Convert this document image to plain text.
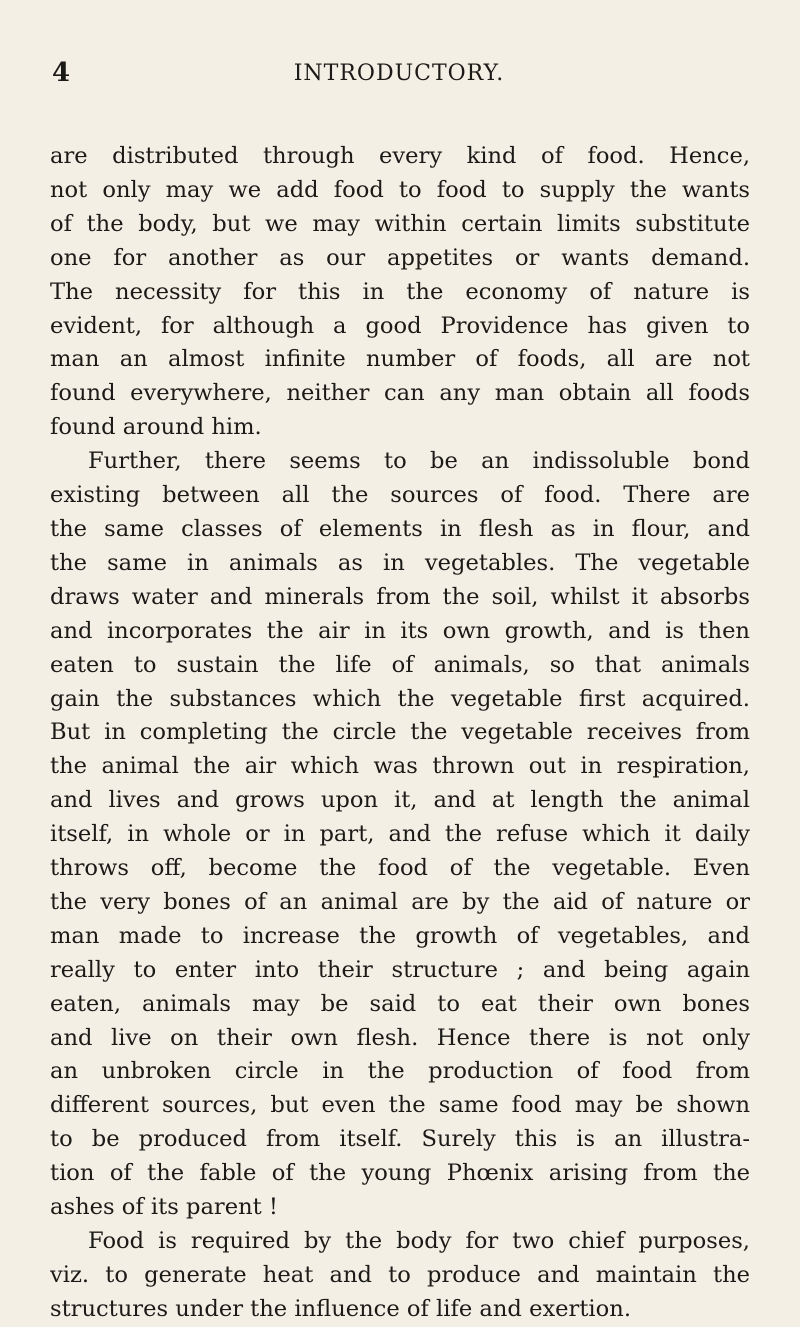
4	INTRODUCTORY.
are distributed through every kind of food. Hence,
not only may we add food to food to supply the wants
of the body, but we may within certain limits substitute
one for another as our appetites or wants demand.
The necessity for this in the economy of nature is
evident, for although a good Providence has given to
man an almost infinite number of foods, all are not
found everywhere, neither can any man obtain all foods
found around him.
Further, there seems to be an indissoluble bond
existing between all the sources of food. There are
the same classes of elements in flesh as in flour, and
the same in animals as in vegetables. The vegetable
draws water and minerals from the soil, whilst it absorbs
and incorporates the air in its own growth, and is then
eaten to sustain the life of animals, so that animals
gain the substances which the vegetable first acquired.
But in completing the circle the vegetable receives from
the animal the air which was thrown out in respiration,
and lives and grows upon it, and at length the animal
itself, in whole or in part, and the refuse which it daily
throws off, become the food of the vegetable. Even
the very bones of an animal are by the aid of nature or
man made to increase the growth of vegetables, and
really to enter into their structure ; and being again
eaten, animals may be said to eat their own bones
and live on their own flesh. Hence there is not only
an unbroken circle in the production of food from
different sources, but even the same food may be shown
to be produced from itself. Surely this is an illustra-
tion of the fable of the young Phœnix arising from the
ashes of its parent !
Food is required by the body for two chief purposes,
viz. to generate heat and to produce and maintain the
structures under the influence of life and exertion.
